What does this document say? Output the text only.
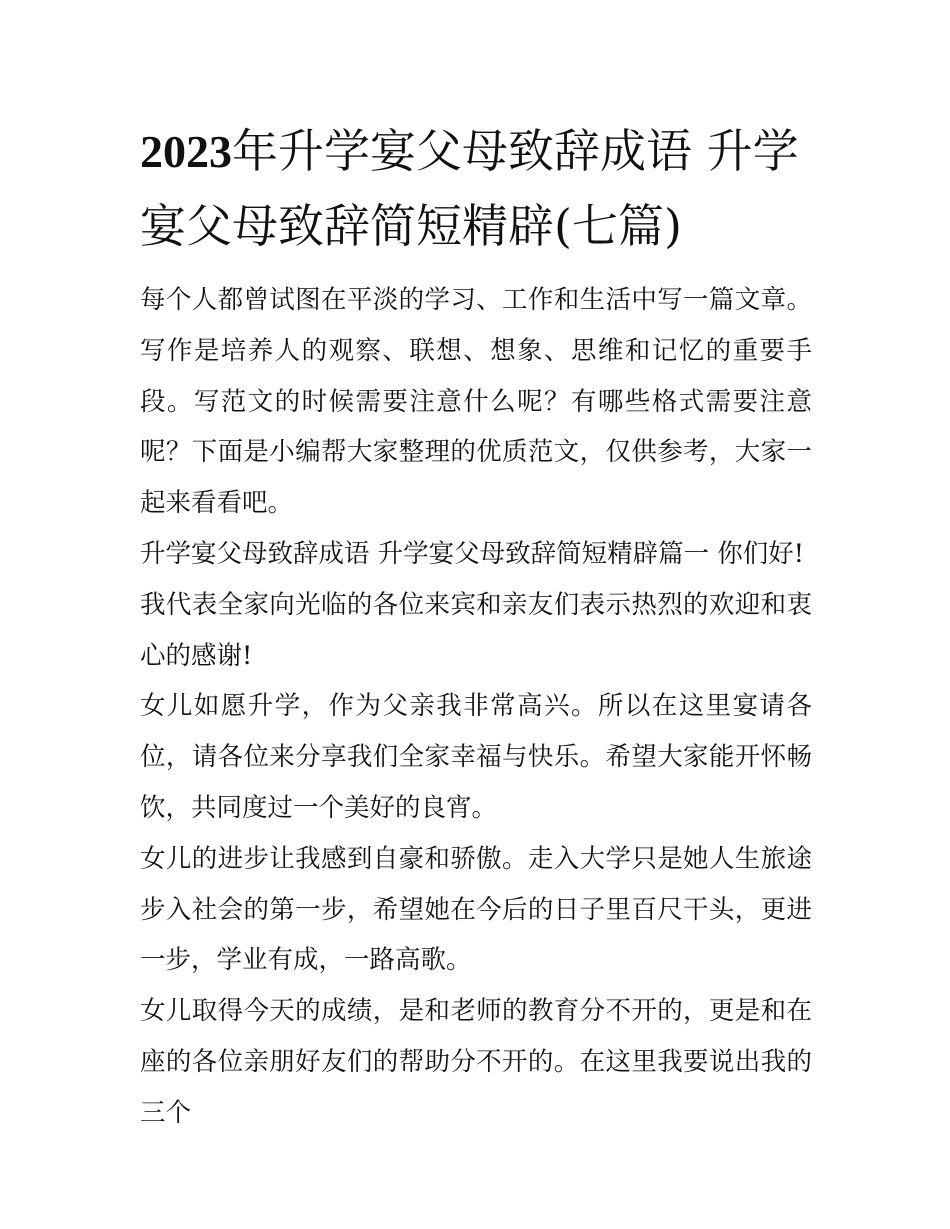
2023年升学宴父母致辞成语 升学宴父母致辞简短精辟(七篇)

每个人都曾试图在平淡的学习、工作和生活中写一篇文章。写作是培养人的观察、联想、想象、思维和记忆的重要手段。写范文的时候需要注意什么呢？有哪些格式需要注意呢？下面是小编帮大家整理的优质范文，仅供参考，大家一起来看看吧。

升学宴父母致辞成语 升学宴父母致辞简短精辟篇一 你们好!

我代表全家向光临的各位来宾和亲友们表示热烈的欢迎和衷心的感谢!

女儿如愿升学，作为父亲我非常高兴。所以在这里宴请各位，请各位来分享我们全家幸福与快乐。希望大家能开怀畅饮，共同度过一个美好的良宵。

女儿的进步让我感到自豪和骄傲。走入大学只是她人生旅途步入社会的第一步，希望她在今后的日子里百尺干头，更进一步，学业有成，一路高歌。

女儿取得今天的成绩，是和老师的教育分不开的，更是和在座的各位亲朋好友们的帮助分不开的。在这里我要说出我的三个
